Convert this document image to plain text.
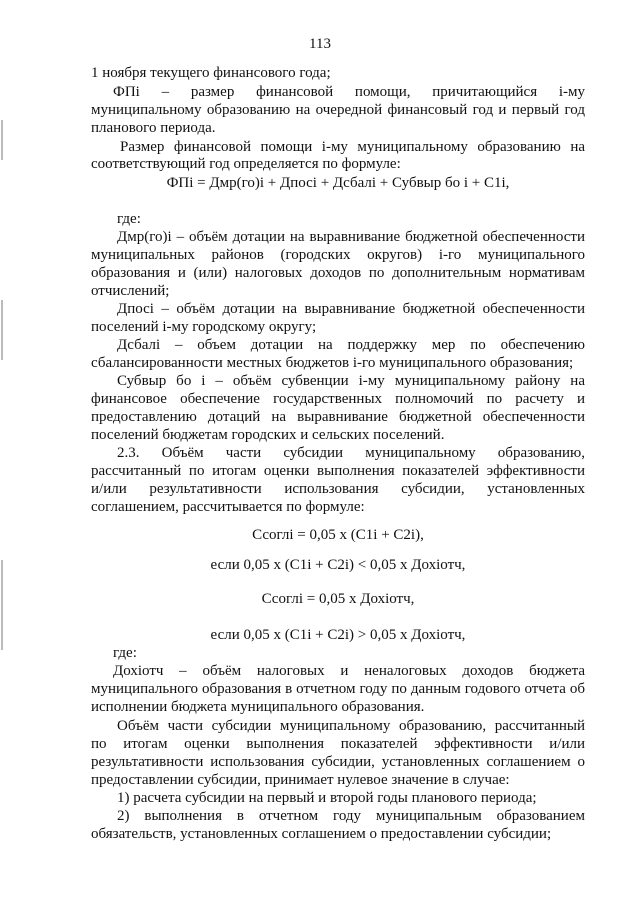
113
1 ноября текущего финансового года;
ФПi – размер финансовой помощи, причитающийся i-му
муниципальному образованию на очередной финансовый год и первый год
планового периода.
Размер финансовой помощи i-му муниципальному образованию на
соответствующий год определяется по формуле:
ФПi = Дмр(го)i + Дпосi + Дсбалi + Субвыр бо i + С1i,
где:
Дмр(го)i – объём дотации на выравнивание бюджетной обеспеченности
муниципальных районов (городских округов) i-го муниципального
образования и (или) налоговых доходов по дополнительным нормативам
отчислений;
Дпосi – объём дотации на выравнивание бюджетной обеспеченности
поселений i-му городскому округу;
Дсбалi – объем дотации на поддержку мер по обеспечению
сбалансированности местных бюджетов i-го муниципального образования;
Субвыр бо i – объём субвенции i-му муниципальному району на
финансовое обеспечение государственных полномочий по расчету и
предоставлению дотаций на выравнивание бюджетной обеспеченности
поселений бюджетам городских и сельских поселений.
2.3. Объём части субсидии муниципальному образованию,
рассчитанный по итогам оценки выполнения показателей эффективности
и/или результативности использования субсидии, установленных
соглашением, рассчитывается по формуле:
Ссоглi = 0,05 х (С1i + С2i),
если 0,05 х (С1i + С2i) < 0,05 х Дохiотч,
Ссоглi = 0,05 х Дохiотч,
если 0,05 х (С1i + С2i) > 0,05 х Дохiотч,
где:
Дохiотч – объём налоговых и неналоговых доходов бюджета
муниципального образования в отчетном году по данным годового отчета об
исполнении бюджета муниципального образования.
Объём части субсидии муниципальному образованию, рассчитанный
по итогам оценки выполнения показателей эффективности и/или
результативности использования субсидии, установленных соглашением о
предоставлении субсидии, принимает нулевое значение в случае:
1) расчета субсидии на первый и второй годы планового периода;
2) выполнения в отчетном году муниципальным образованием
обязательств, установленных соглашением о предоставлении субсидии;
